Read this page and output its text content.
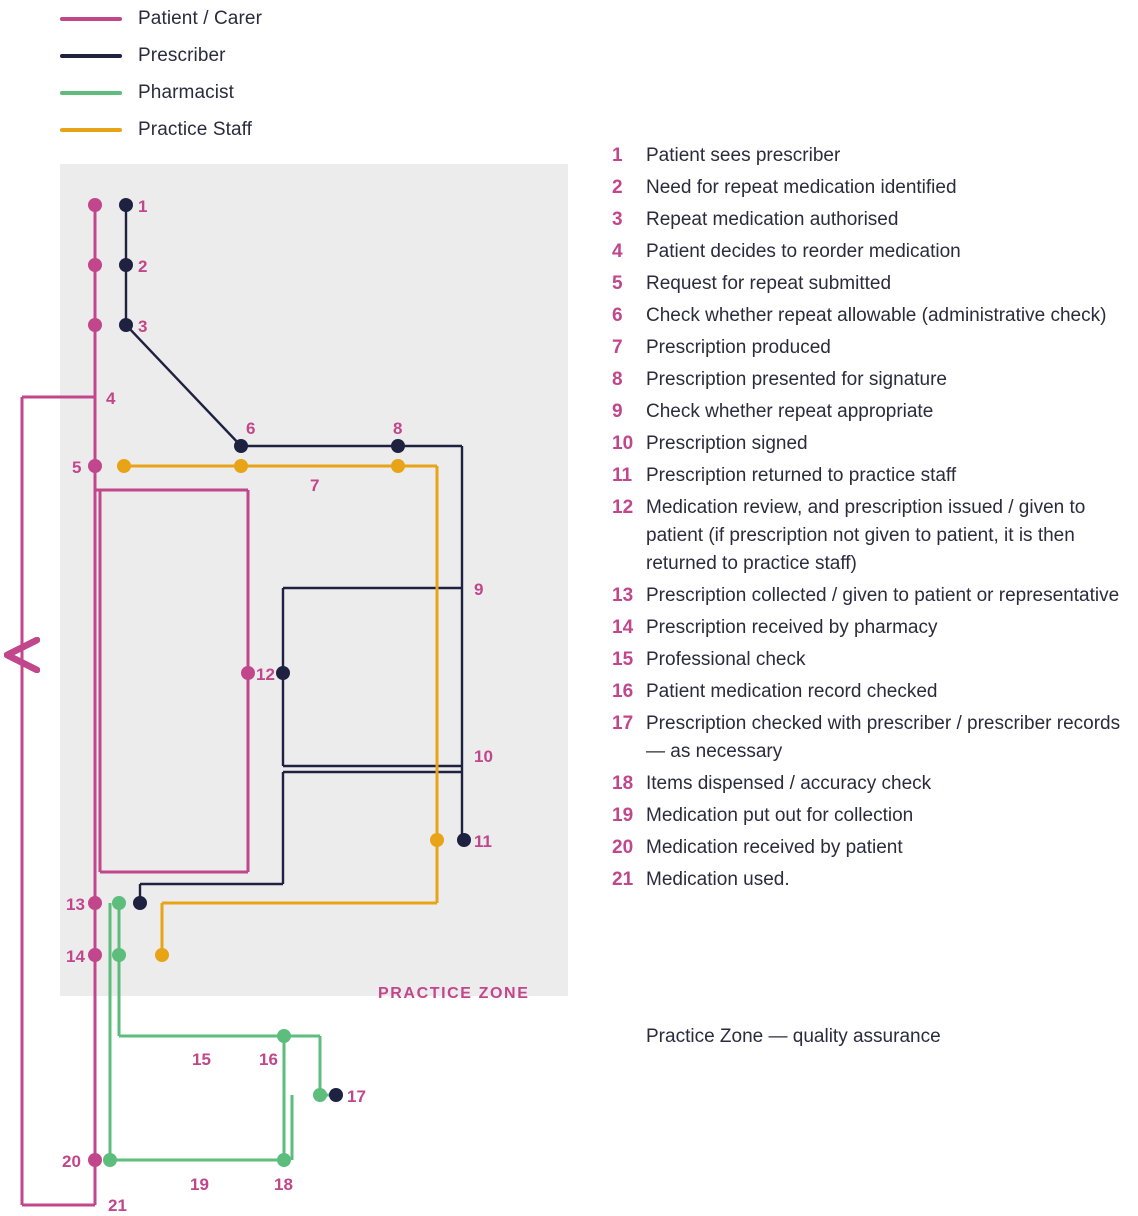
Patient / Carer
Prescriber
Pharmacist
Practice Staff
1
2
3
4
5
6
7
8
9
10
11
12
13
14
15	16
17
18
19
20
21
PRACTICE ZONE
1	Patient sees prescriber
2	Need for repeat medication identified
3	Repeat medication authorised
4	Patient decides to reorder medication
5	Request for repeat submitted
6	Check whether repeat allowable (administrative check)
7	Prescription produced
8	Prescription presented for signature
9	Check whether repeat appropriate
10 Prescription signed
11 Prescription returned to practice staff
12 Medication review, and prescription issued / given to patient (if prescription not given to patient, it is then returned to practice staff)
13 Prescription collected / given to patient or representative
14 Prescription received by pharmacy
15 Professional check
16 Patient medication record checked
17 Prescription checked with prescriber / prescriber records — as necessary
18 Items dispensed / accuracy check
19 Medication put out for collection
20 Medication received by patient
21 Medication used.
Practice Zone — quality assurance
